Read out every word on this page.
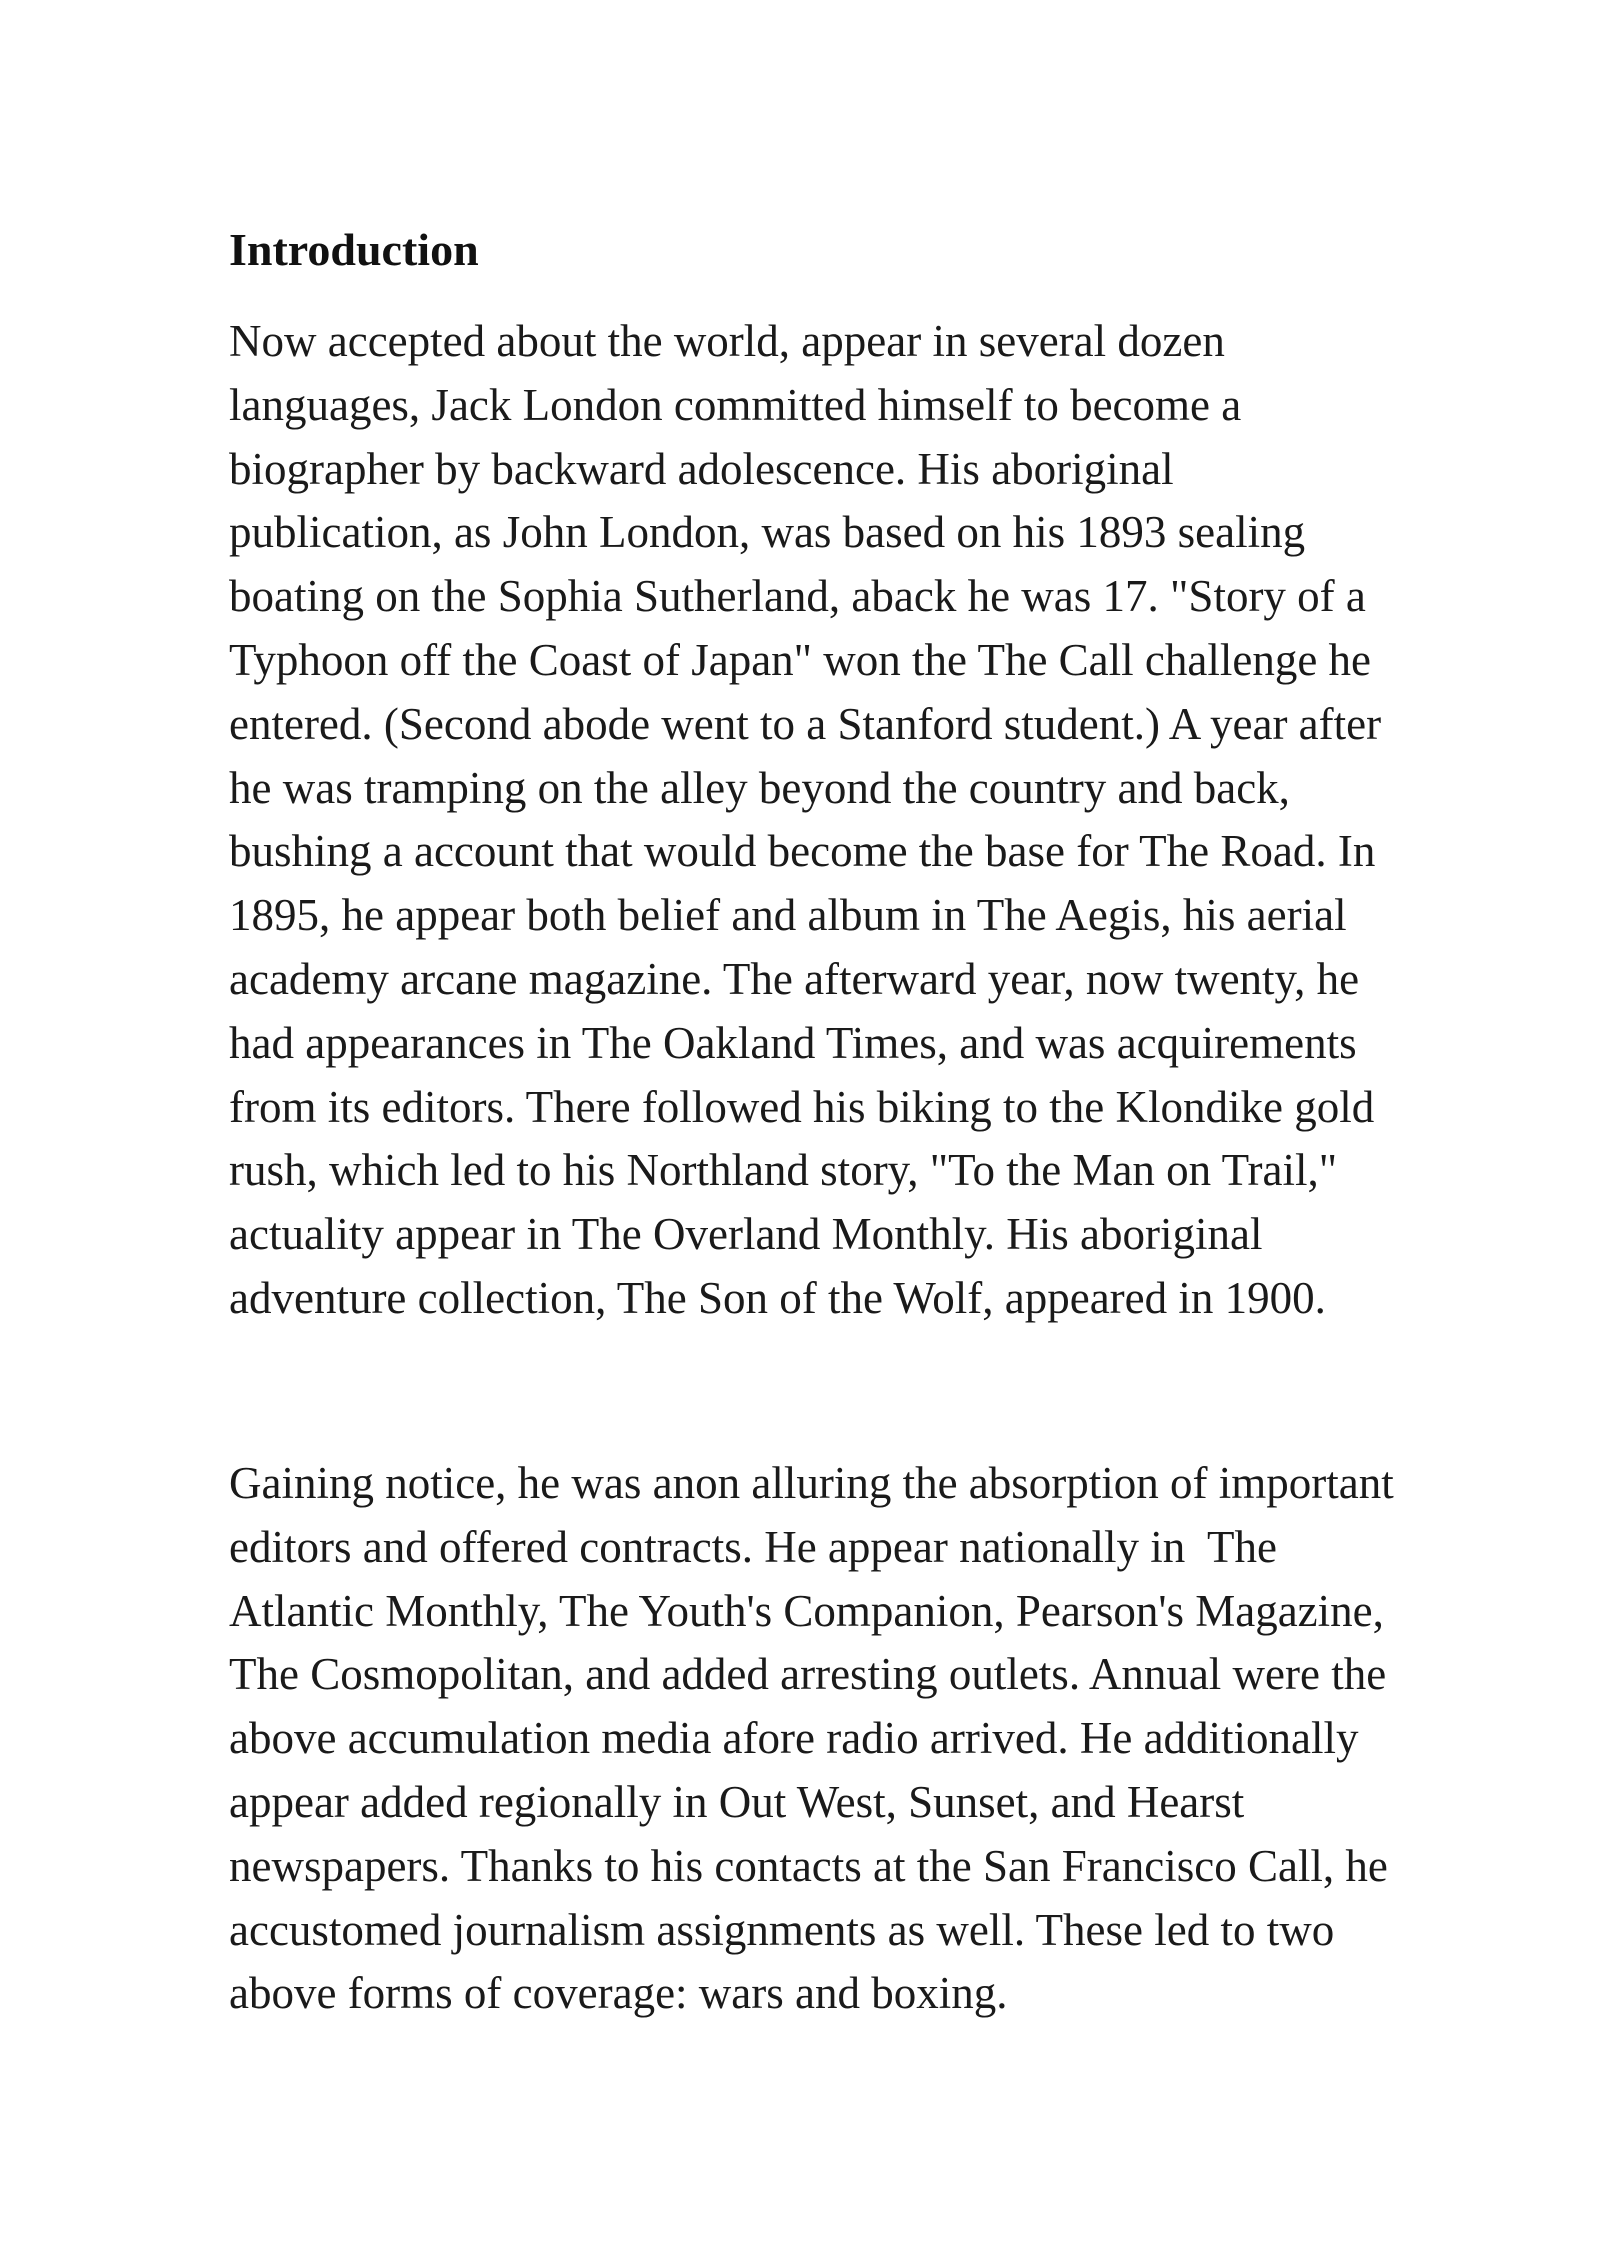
Introduction
Now accepted about the world, appear in several dozen
languages, Jack London committed himself to become a
biographer by backward adolescence. His aboriginal
publication, as John London, was based on his 1893 sealing
boating on the Sophia Sutherland, aback he was 17. "Story of a
Typhoon off the Coast of Japan" won the The Call challenge he
entered. (Second abode went to a Stanford student.) A year after
he was tramping on the alley beyond the country and back,
bushing a account that would become the base for The Road. In
1895, he appear both belief and album in The Aegis, his aerial
academy arcane magazine. The afterward year, now twenty, he
had appearances in The Oakland Times, and was acquirements
from its editors. There followed his biking to the Klondike gold
rush, which led to his Northland story, "To the Man on Trail,"
actuality appear in The Overland Monthly. His aboriginal
adventure collection, The Son of the Wolf, appeared in 1900.
Gaining notice, he was anon alluring the absorption of important
editors and offered contracts. He appear nationally in  The
Atlantic Monthly, The Youth's Companion, Pearson's Magazine,
The Cosmopolitan, and added arresting outlets. Annual were the
above accumulation media afore radio arrived. He additionally
appear added regionally in Out West, Sunset, and Hearst
newspapers. Thanks to his contacts at the San Francisco Call, he
accustomed journalism assignments as well. These led to two
above forms of coverage: wars and boxing.
